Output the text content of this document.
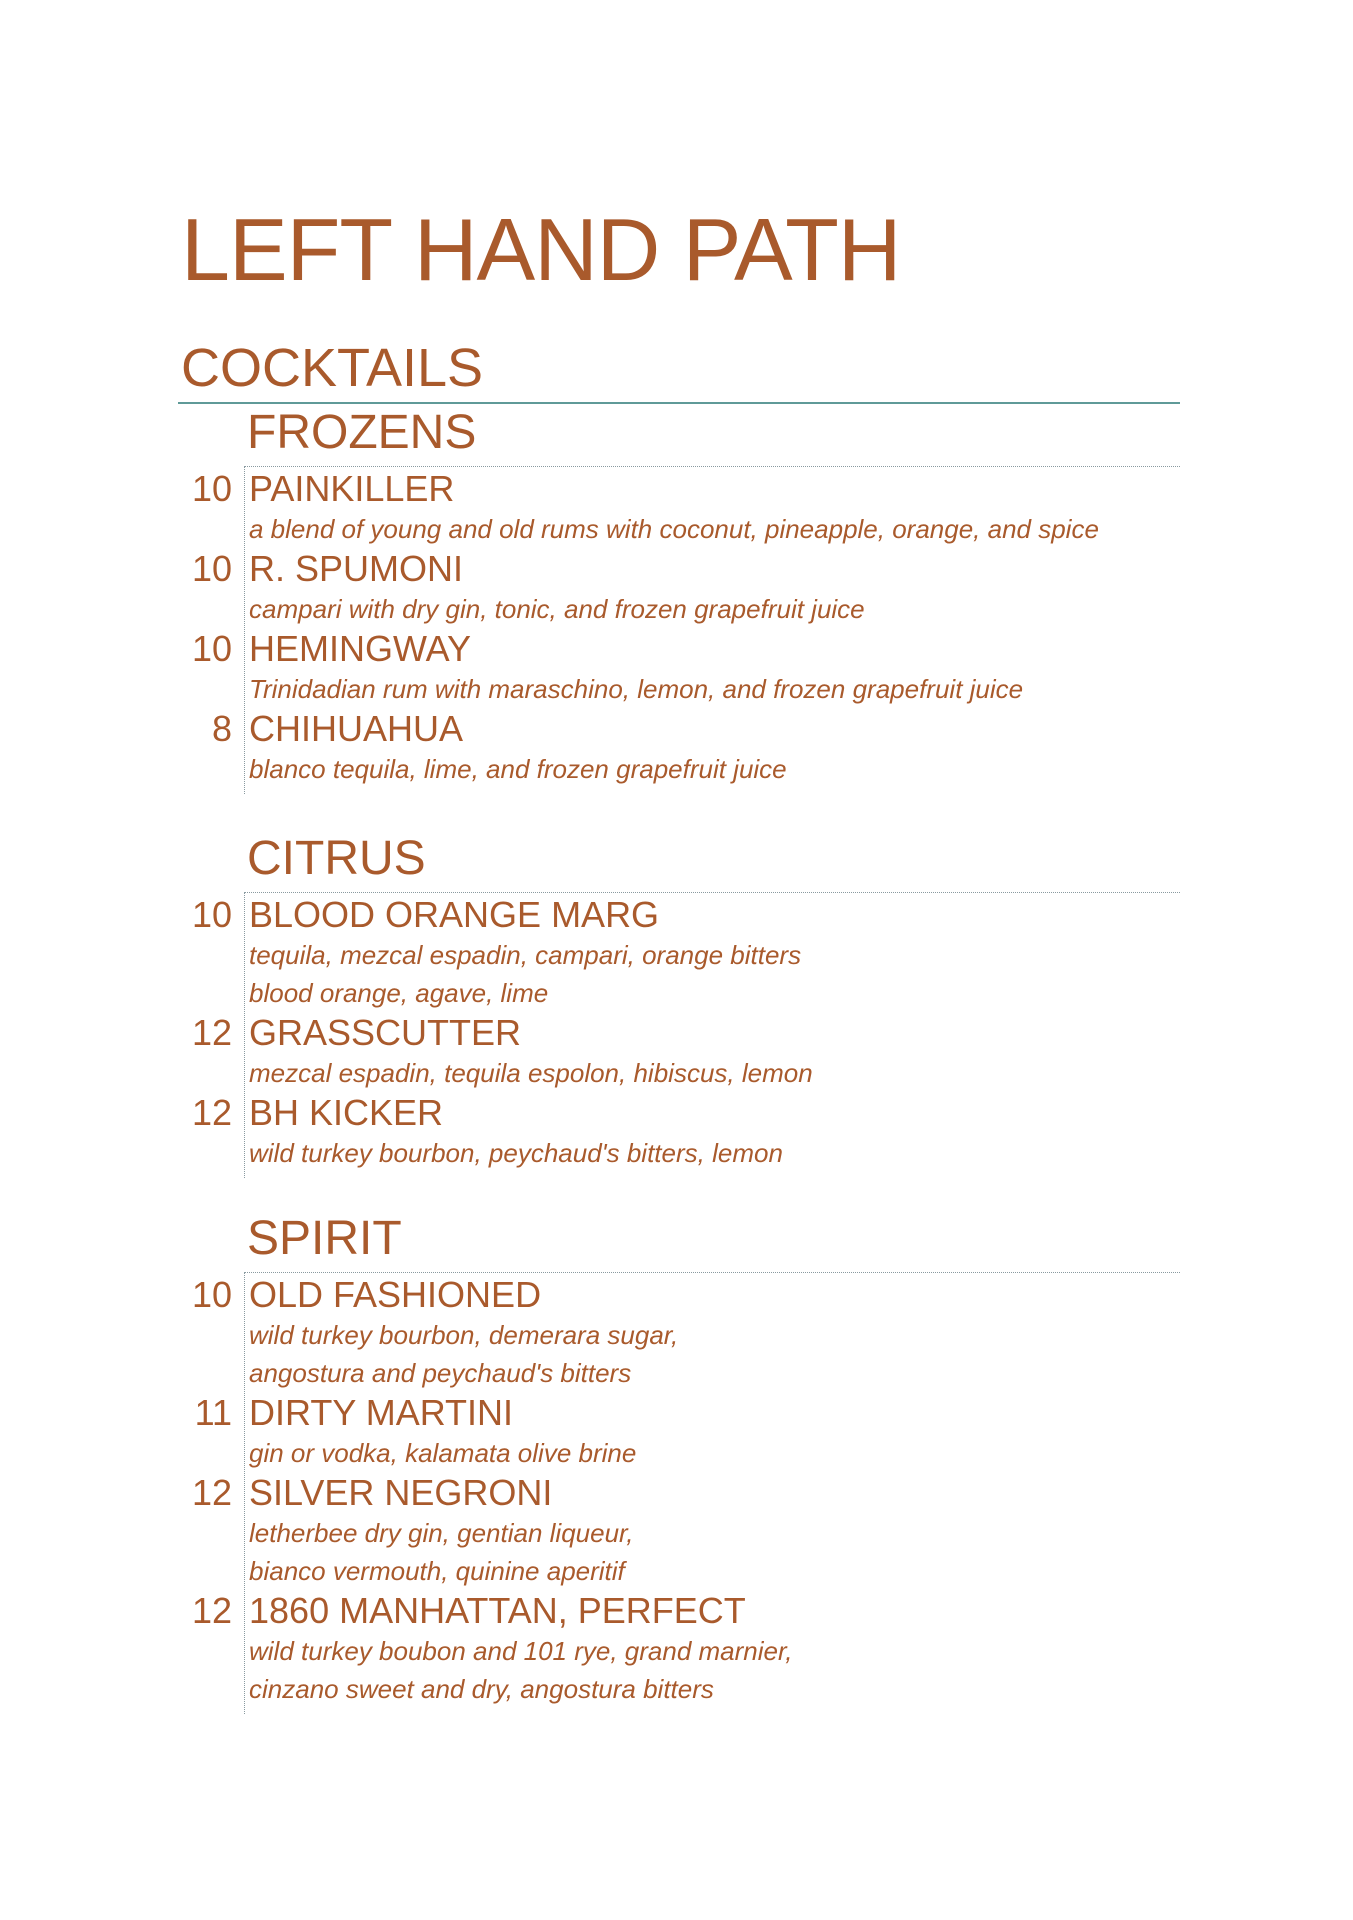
LEFT HAND PATH
COCKTAILS
FROZENS
10 PAINKILLER
a blend of young and old rums with coconut, pineapple, orange, and spice
10 R. SPUMONI
campari with dry gin, tonic, and frozen grapefruit juice
10 HEMINGWAY
Trinidadian rum with maraschino, lemon, and frozen grapefruit juice
8 CHIHUAHUA
blanco tequila, lime, and frozen grapefruit juice
CITRUS
10 BLOOD ORANGE MARG
tequila, mezcal espadin, campari, orange bitters
blood orange, agave, lime
12 GRASSCUTTER
mezcal espadin, tequila espolon, hibiscus, lemon
12 BH KICKER
wild turkey bourbon, peychaud's bitters, lemon
SPIRIT
10 OLD FASHIONED
wild turkey bourbon, demerara sugar,
angostura and peychaud's bitters
11 DIRTY MARTINI
gin or vodka, kalamata olive brine
12 SILVER NEGRONI
letherbee dry gin, gentian liqueur,
bianco vermouth, quinine aperitif
12 1860 MANHATTAN, PERFECT
wild turkey boubon and 101 rye, grand marnier,
cinzano sweet and dry, angostura bitters
